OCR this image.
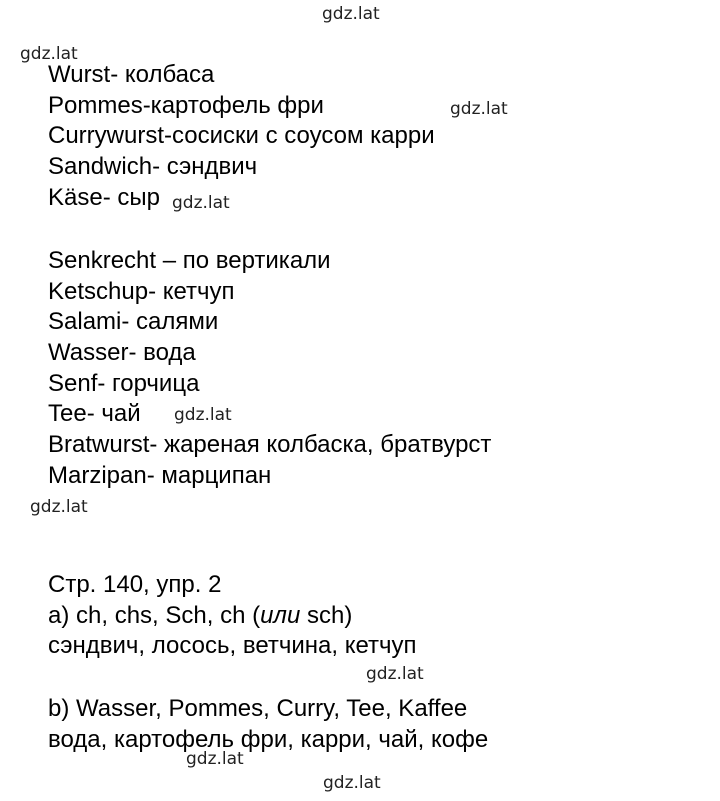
gdz.lat
gdz.lat
gdz.lat
gdz.lat
gdz.lat
gdz.lat
gdz.lat
gdz.lat
gdz.lat
Wurst- колбаса
Pommes-картофель фри
Currywurst-сосиски с соусом карри
Sandwich- сэндвич
Käse- сыр
Senkrecht – по вертикали
Ketschup- кетчуп
Salami- салями
Wasser- вода
Senf- горчица
Tee- чай
Bratwurst- жареная колбаска, братвурст
Marzipan- марципан
Стр. 140, упр. 2
a) ch, chs, Sch, ch (или sch)
сэндвич, лосось, ветчина, кетчуп
b) Wasser, Pommes, Curry, Tee, Kaffee
вода, картофель фри, карри, чай, кофе
